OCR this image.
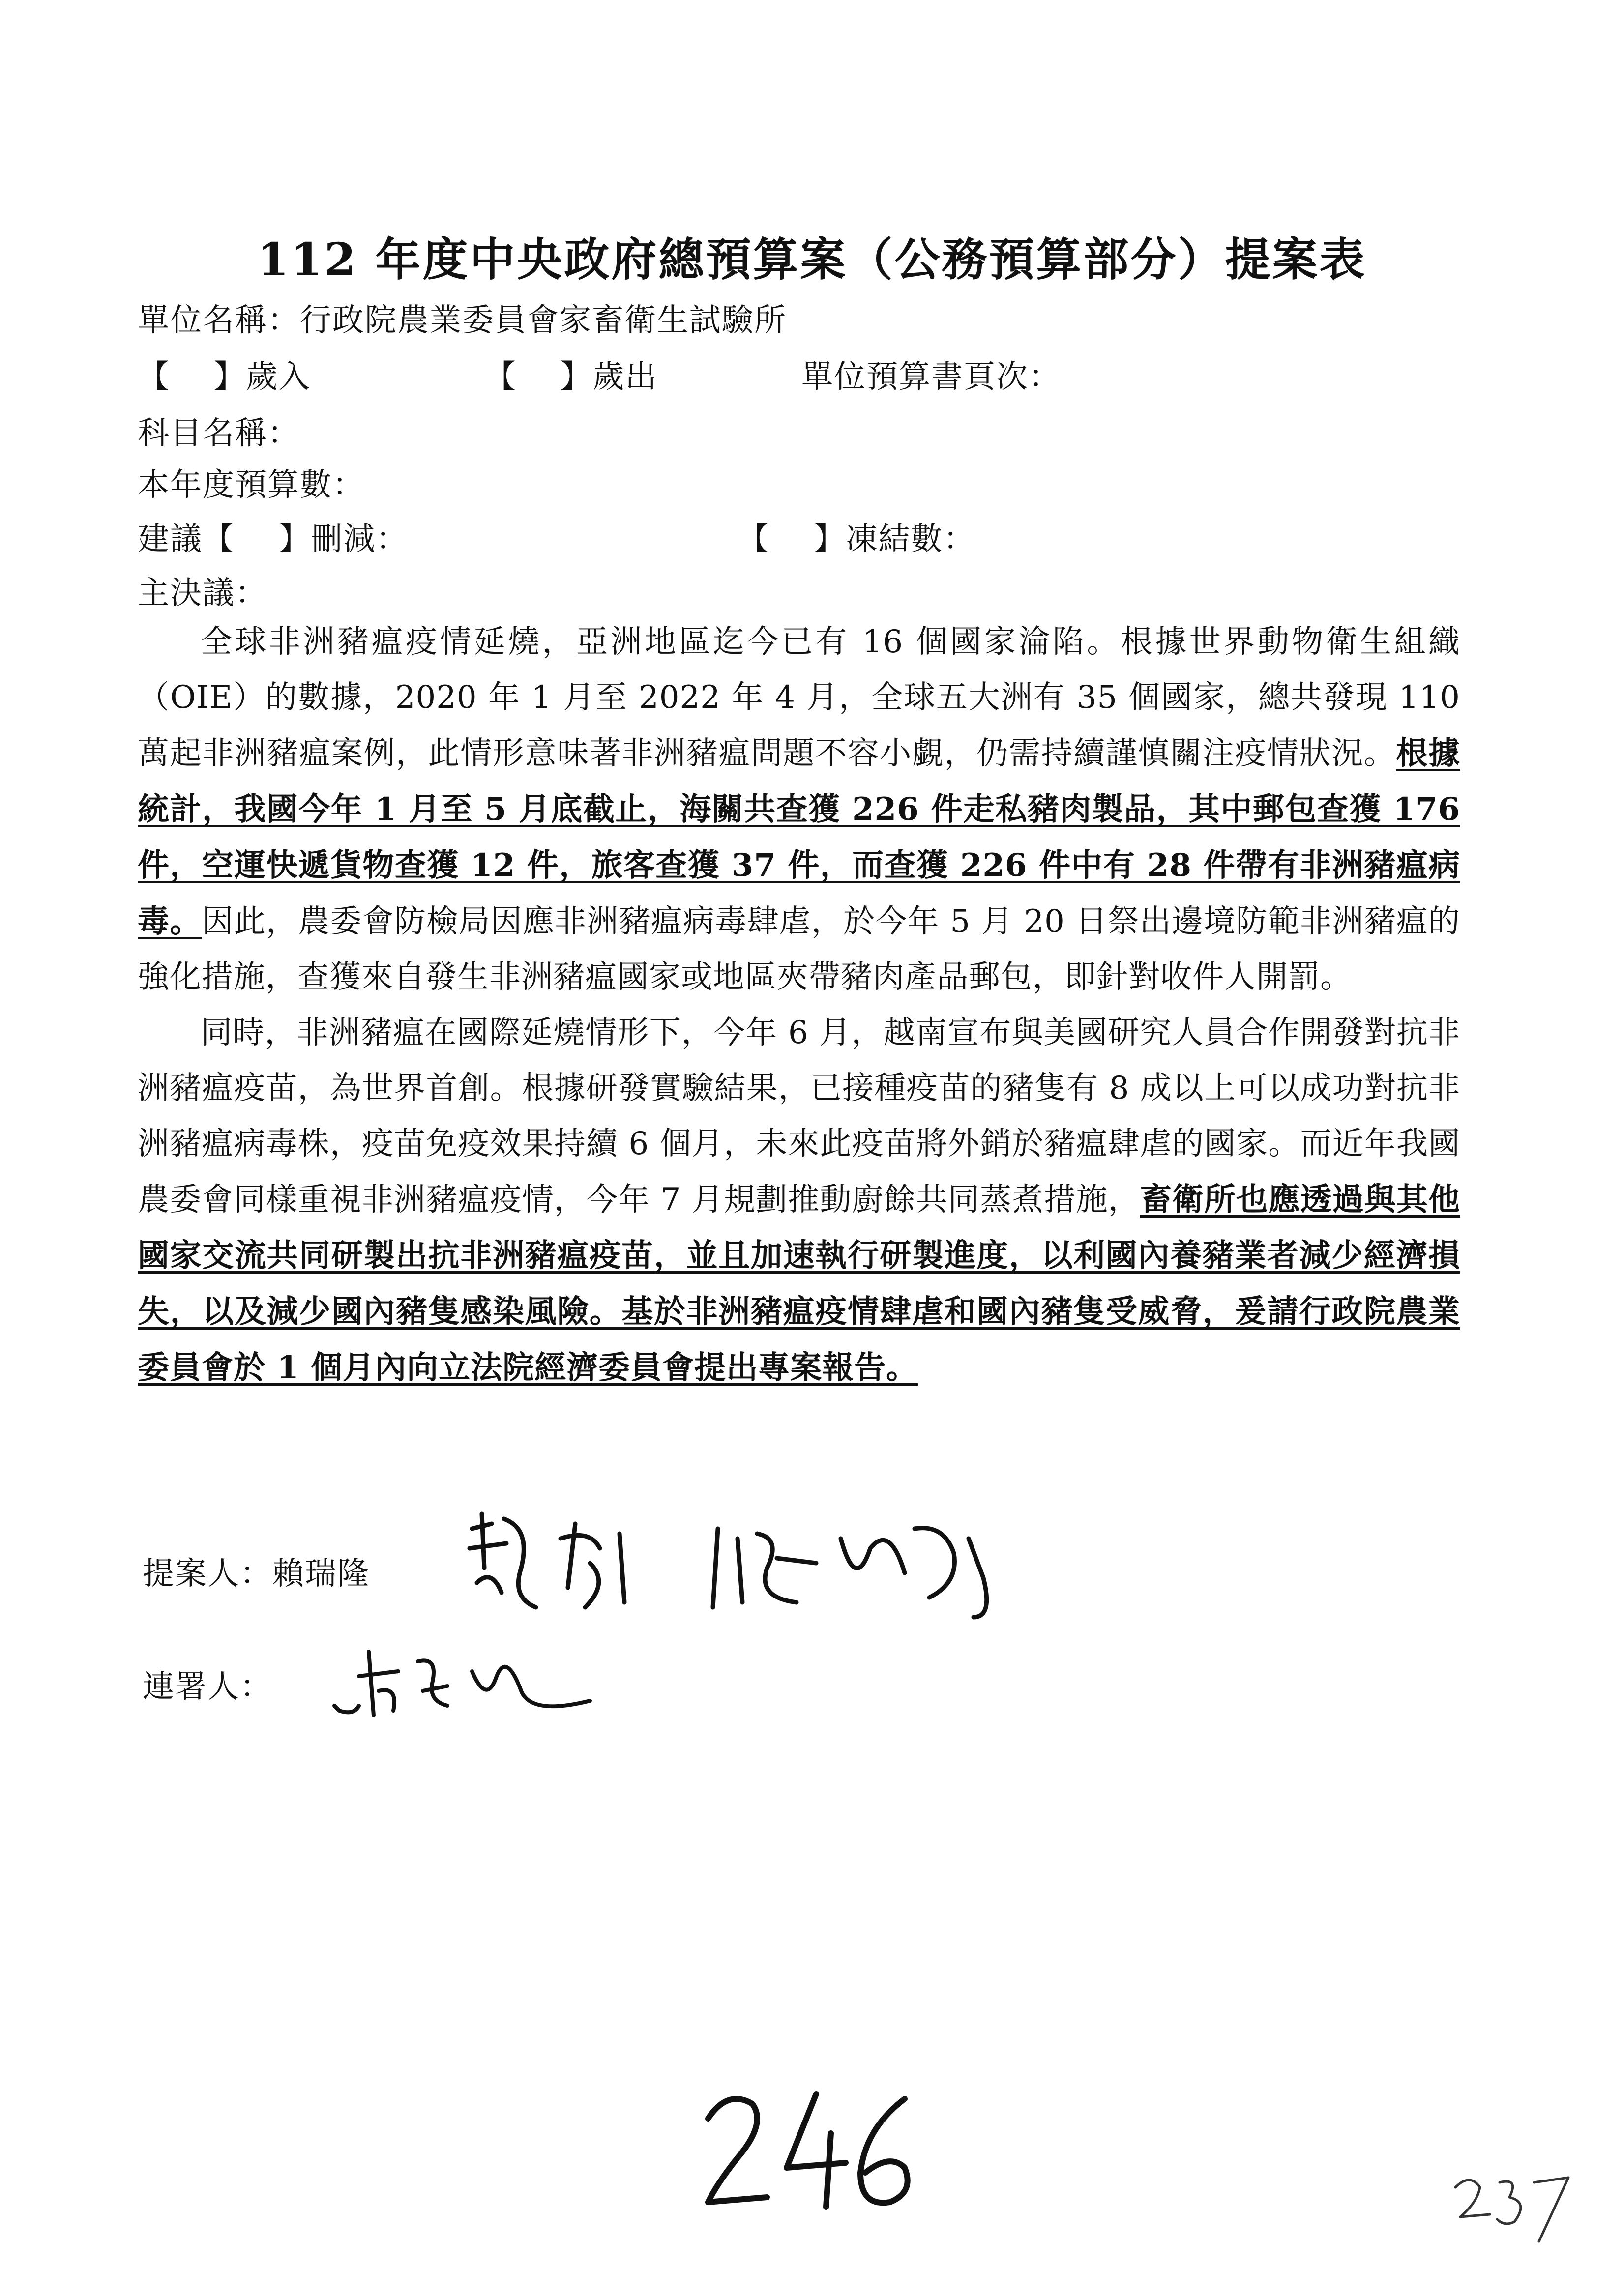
112 年度中央政府總預算案（公務預算部分）提案表
單位名稱：行政院農業委員會家畜衛生試驗所
【　 】歲入	【　 】歲出	單位預算書頁次：
科目名稱：
本年度預算數：
建議【　 】刪減：	【　 】凍結數：
主決議：

全球非洲豬瘟疫情延燒，亞洲地區迄今已有 16 個國家淪陷。根據世界動物衛生組織（OIE）的數據，2020 年 1 月至 2022 年 4 月，全球五大洲有 35 個國家，總共發現 110 萬起非洲豬瘟案例，此情形意味著非洲豬瘟問題不容小覷，仍需持續謹慎關注疫情狀況。根據統計，我國今年 1 月至 5 月底截止，海關共查獲 226 件走私豬肉製品，其中郵包查獲 176 件，空運快遞貨物查獲 12 件，旅客查獲 37 件，而查獲 226 件中有 28 件帶有非洲豬瘟病毒。因此，農委會防檢局因應非洲豬瘟病毒肆虐，於今年 5 月 20 日祭出邊境防範非洲豬瘟的強化措施，查獲來自發生非洲豬瘟國家或地區夾帶豬肉產品郵包，即針對收件人開罰。

同時，非洲豬瘟在國際延燒情形下，今年 6 月，越南宣布與美國研究人員合作開發對抗非洲豬瘟疫苗，為世界首創。根據研發實驗結果，已接種疫苗的豬隻有 8 成以上可以成功對抗非洲豬瘟病毒株，疫苗免疫效果持續 6 個月，未來此疫苗將外銷於豬瘟肆虐的國家。而近年我國農委會同樣重視非洲豬瘟疫情，今年 7 月規劃推動廚餘共同蒸煮措施，畜衛所也應透過與其他國家交流共同研製出抗非洲豬瘟疫苗，並且加速執行研製進度，以利國內養豬業者減少經濟損失，以及減少國內豬隻感染風險。基於非洲豬瘟疫情肆虐和國內豬隻受威脅，爰請行政院農業委員會於 1 個月內向立法院經濟委員會提出專案報告。

提案人：賴瑞隆
連署人：
246
